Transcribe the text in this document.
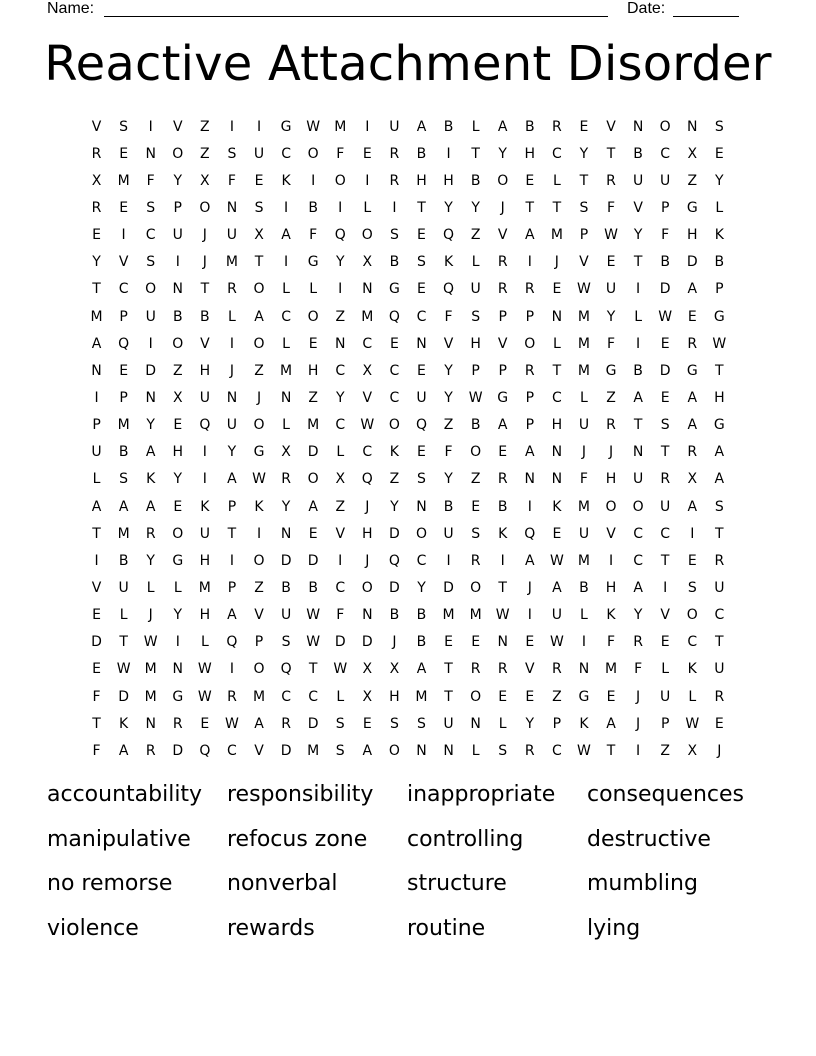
Name:	Date:
Reactive Attachment Disorder
V	S	I	V	Z	I	I	G	W	M	I	U	A	B	L	A	B	R	E	V	N	O	N	S
R	E	N	O	Z	S	U	C	O	F	E	R	B	I	T	Y	H	C	Y	T	B	C	X	E
X	M	F	Y	X	F	E	K	I	O	I	R	H	H	B	O	E	L	T	R	U	U	Z	Y
R	E	S	P	O	N	S	I	B	I	L	I	T	Y	Y	J	T	T	S	F	V	P	G	L
E	I	C	U	J	U	X	A	F	Q	O	S	E	Q	Z	V	A	M	P	W	Y	F	H	K
Y	V	S	I	J	M	T	I	G	Y	X	B	S	K	L	R	I	J	V	E	T	B	D	B
T	C	O	N	T	R	O	L	L	I	N	G	E	Q	U	R	R	E	W	U	I	D	A	P
M	P	U	B	B	L	A	C	O	Z	M	Q	C	F	S	P	P	N	M	Y	L	W	E	G
A	Q	I	O	V	I	O	L	E	N	C	E	N	V	H	V	O	L	M	F	I	E	R	W
N	E	D	Z	H	J	Z	M	H	C	X	C	E	Y	P	P	R	T	M	G	B	D	G	T
I	P	N	X	U	N	J	N	Z	Y	V	C	U	Y	W	G	P	C	L	Z	A	E	A	H
P	M	Y	E	Q	U	O	L	M	C	W	O	Q	Z	B	A	P	H	U	R	T	S	A	G
U	B	A	H	I	Y	G	X	D	L	C	K	E	F	O	E	A	N	J	J	N	T	R	A
L	S	K	Y	I	A	W	R	O	X	Q	Z	S	Y	Z	R	N	N	F	H	U	R	X	A
A	A	A	E	K	P	K	Y	A	Z	J	Y	N	B	E	B	I	K	M	O	O	U	A	S
T	M	R	O	U	T	I	N	E	V	H	D	O	U	S	K	Q	E	U	V	C	C	I	T
I	B	Y	G	H	I	O	D	D	I	J	Q	C	I	R	I	A	W	M	I	C	T	E	R
V	U	L	L	M	P	Z	B	B	C	O	D	Y	D	O	T	J	A	B	H	A	I	S	U
E	L	J	Y	H	A	V	U	W	F	N	B	B	M	M	W	I	U	L	K	Y	V	O	C
D	T	W	I	L	Q	P	S	W	D	D	J	B	E	E	N	E	W	I	F	R	E	C	T
E	W	M	N	W	I	O	Q	T	W	X	X	A	T	R	R	V	R	N	M	F	L	K	U
F	D	M	G	W	R	M	C	C	L	X	H	M	T	O	E	E	Z	G	E	J	U	L	R
T	K	N	R	E	W	A	R	D	S	E	S	S	U	N	L	Y	P	K	A	J	P	W	E
F	A	R	D	Q	C	V	D	M	S	A	O	N	N	L	S	R	C	W	T	I	Z	X	J
accountability	responsibility	inappropriate	consequences
manipulative	refocus zone	controlling	destructive
no remorse	nonverbal	structure	mumbling
violence	rewards	routine	lying
